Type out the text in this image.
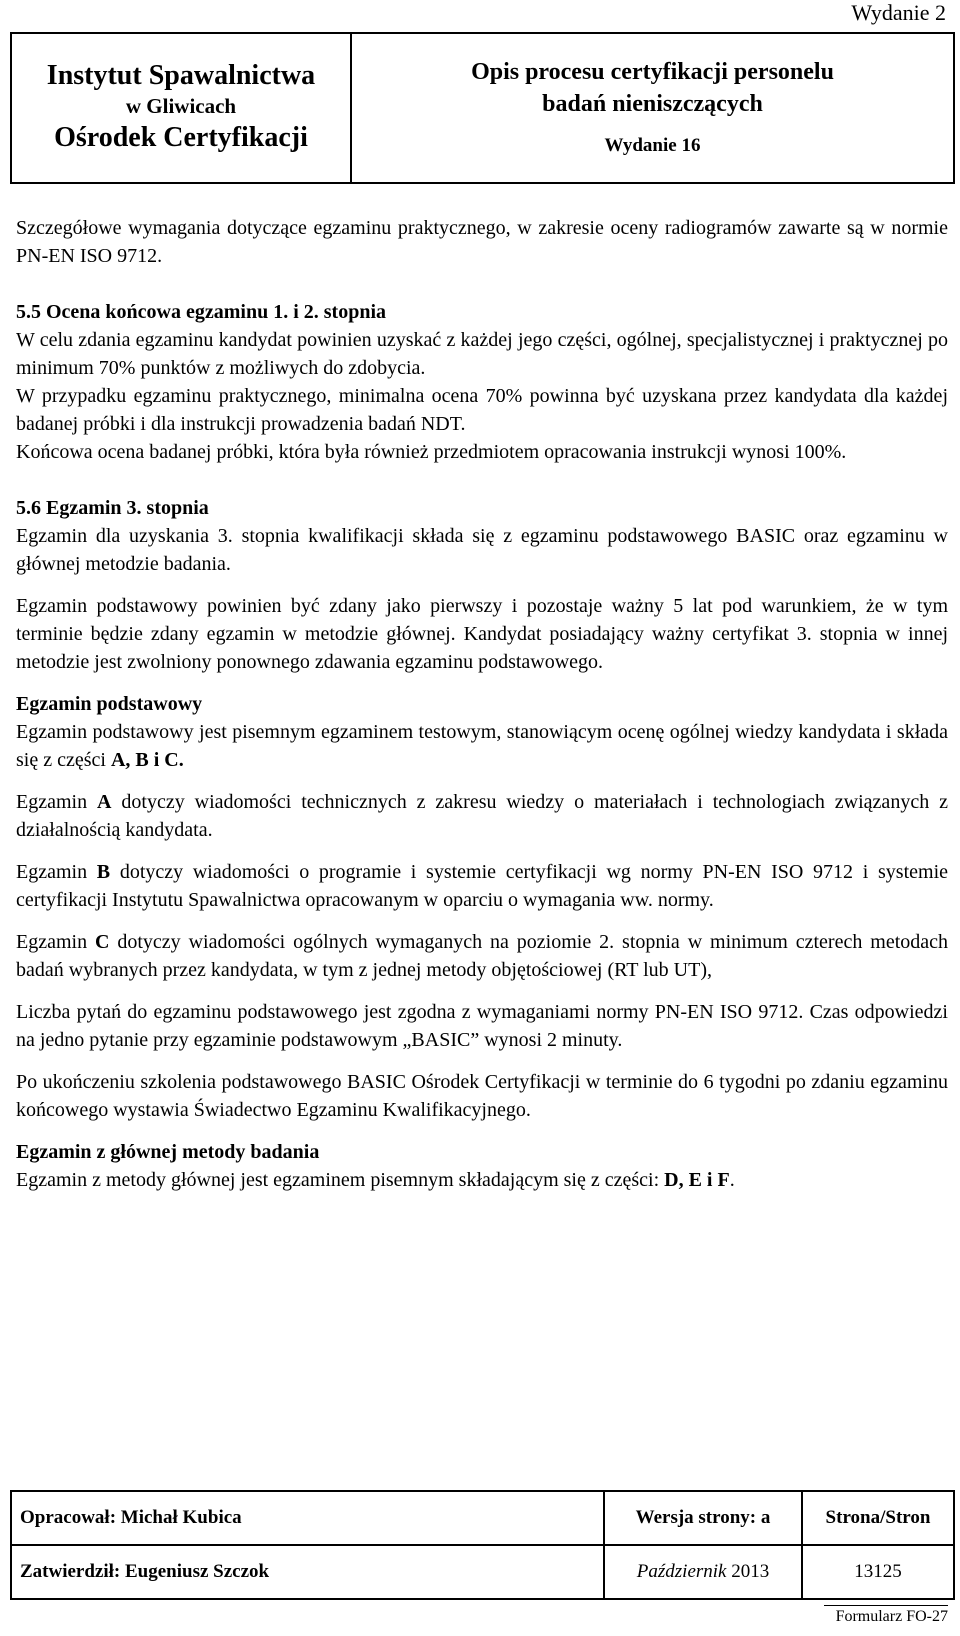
Wydanie 2
Instytut Spawalnictwa
w Gliwicach
Ośrodek Certyfikacji
Opis procesu certyfikacji personelu
badań nieniszczących
Wydanie 16

Szczegółowe wymagania dotyczące egzaminu praktycznego, w zakresie oceny radiogramów zawarte są w normie PN-EN ISO 9712.

5.5 Ocena końcowa egzaminu 1. i 2. stopnia

W celu zdania egzaminu kandydat powinien uzyskać z każdej jego części, ogólnej, specjalistycznej i praktycznej po minimum 70% punktów z możliwych do zdobycia.

W przypadku egzaminu praktycznego, minimalna ocena 70% powinna być uzyskana przez kandydata dla każdej badanej próbki i dla instrukcji prowadzenia badań NDT.

Końcowa ocena badanej próbki, która była również przedmiotem opracowania instrukcji wynosi 100%.

5.6 Egzamin 3. stopnia

Egzamin dla uzyskania 3. stopnia kwalifikacji składa się z egzaminu podstawowego BASIC oraz egzaminu w głównej metodzie badania.

Egzamin podstawowy powinien być zdany jako pierwszy i pozostaje ważny 5 lat pod warunkiem, że w tym terminie będzie zdany egzamin w metodzie głównej. Kandydat posiadający ważny certyfikat 3. stopnia w innej metodzie jest zwolniony ponownego zdawania egzaminu podstawowego.

Egzamin podstawowy

Egzamin podstawowy jest pisemnym egzaminem testowym, stanowiącym ocenę ogólnej wiedzy kandydata i składa się z części A, B i C.

Egzamin A dotyczy wiadomości technicznych z zakresu wiedzy o materiałach i technologiach związanych z działalnością kandydata.

Egzamin B dotyczy wiadomości o programie i systemie certyfikacji wg normy PN-EN ISO 9712 i systemie certyfikacji Instytutu Spawalnictwa opracowanym w oparciu o wymagania ww. normy.

Egzamin C dotyczy wiadomości ogólnych wymaganych na poziomie 2. stopnia w minimum czterech metodach badań wybranych przez kandydata, w tym z jednej metody objętościowej (RT lub UT),

Liczba pytań do egzaminu podstawowego jest zgodna z wymaganiami normy PN-EN ISO 9712. Czas odpowiedzi na jedno pytanie przy egzaminie podstawowym „BASIC” wynosi 2 minuty.

Po ukończeniu szkolenia podstawowego BASIC Ośrodek Certyfikacji w terminie do 6 tygodni po zdaniu egzaminu końcowego wystawia Świadectwo Egzaminu Kwalifikacyjnego.

Egzamin z głównej metody badania

Egzamin z metody głównej jest egzaminem pisemnym składającym się z części: D, E i F.

Opracował: Michał Kubica	Wersja strony: a	Strona/Stron
Zatwierdził: Eugeniusz Szczok	Październik 2013	13125
Formularz FO-27
